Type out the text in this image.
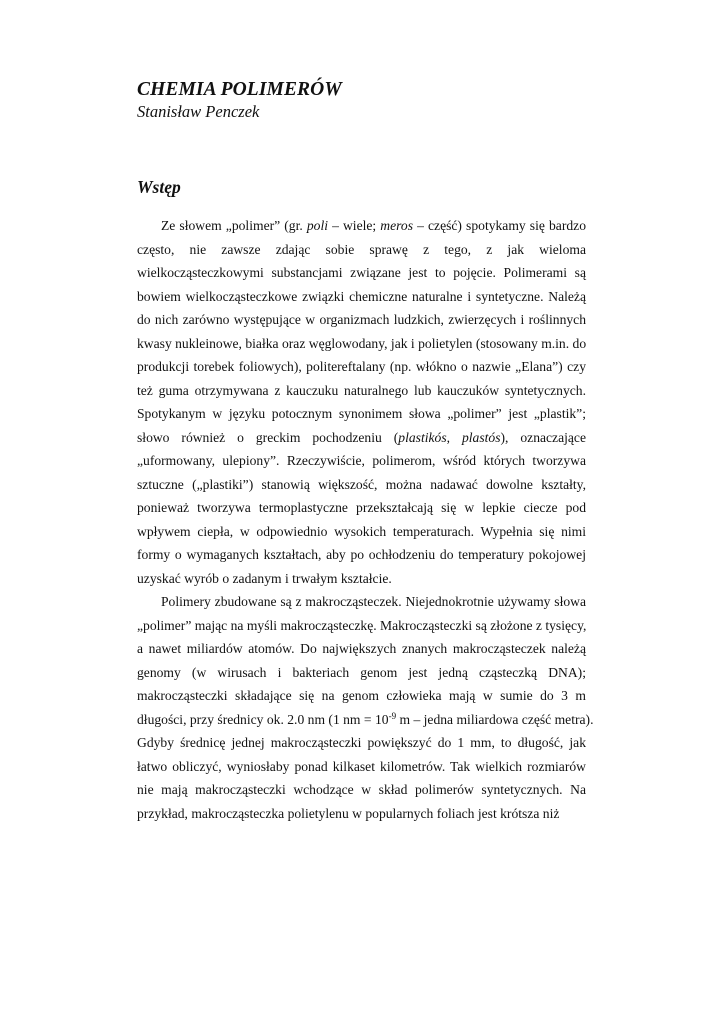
CHEMIA POLIMERÓW
Stanisław Penczek
Wstęp
Ze słowem „polimer” (gr. poli – wiele; meros – część) spotykamy się bardzo
często, nie zawsze zdając sobie sprawę z tego, z jak wieloma
wielkocząsteczkowymi substancjami związane jest to pojęcie. Polimerami są
bowiem wielkocząsteczkowe związki chemiczne naturalne i syntetyczne. Należą
do nich zarówno występujące w organizmach ludzkich, zwierzęcych i roślinnych
kwasy nukleinowe, białka oraz węglowodany, jak i polietylen (stosowany m.in. do
produkcji torebek foliowych), politereftalany (np. włókno o nazwie „Elana”) czy
też guma otrzymywana z kauczuku naturalnego lub kauczuków syntetycznych.
Spotykanym w języku potocznym synonimem słowa „polimer” jest „plastik”;
słowo również o greckim pochodzeniu (plastikós, plastós), oznaczające
„uformowany, ulepiony”. Rzeczywiście, polimerom, wśród których tworzywa
sztuczne („plastiki”) stanowią większość, można nadawać dowolne kształty,
ponieważ tworzywa termoplastyczne przekształcają się w lepkie ciecze pod
wpływem ciepła, w odpowiednio wysokich temperaturach. Wypełnia się nimi
formy o wymaganych kształtach, aby po ochłodzeniu do temperatury pokojowej
uzyskać wyrób o zadanym i trwałym kształcie.
Polimery zbudowane są z makrocząsteczek. Niejednokrotnie używamy słowa
„polimer” mając na myśli makrocząsteczkę. Makrocząsteczki są złożone z tysięcy,
a nawet miliardów atomów. Do największych znanych makrocząsteczek należą
genomy (w wirusach i bakteriach genom jest jedną cząsteczką DNA);
makrocząsteczki składające się na genom człowieka mają w sumie do 3 m
długości, przy średnicy ok. 2.0 nm (1 nm = $10^{-9}$ m – jedna miliardowa część metra).
Gdyby średnicę jednej makrocząsteczki powiększyć do 1 mm, to długość, jak
łatwo obliczyć, wyniosłaby ponad kilkaset kilometrów. Tak wielkich rozmiarów
nie mają makrocząsteczki wchodzące w skład polimerów syntetycznych. Na
przykład, makrocząsteczka polietylenu w popularnych foliach jest krótsza niż
